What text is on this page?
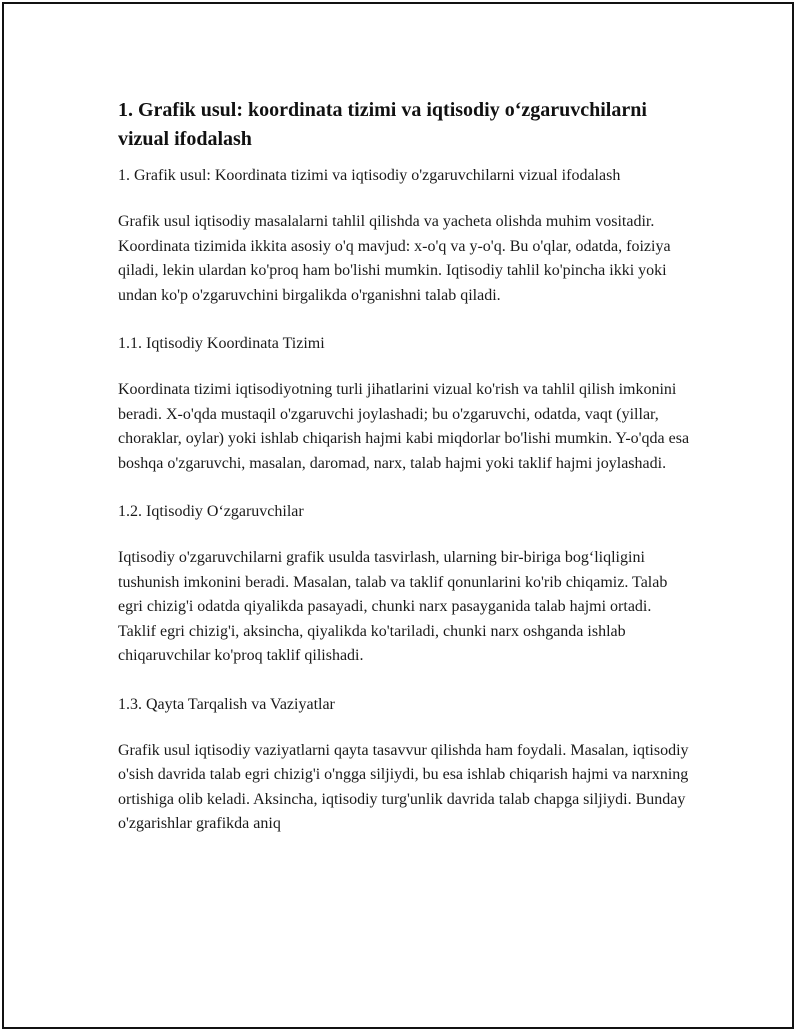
1. Grafik usul: koordinata tizimi va iqtisodiy o‘zgaruvchilarni vizual ifodalash

1. Grafik usul: Koordinata tizimi va iqtisodiy o'zgaruvchilarni vizual ifodalash

Grafik usul iqtisodiy masalalarni tahlil qilishda va yacheta olishda muhim vositadir. Koordinata tizimida ikkita asosiy o'q mavjud: x-o'q va y-o'q. Bu o'qlar, odatda, foiziya qiladi, lekin ulardan ko'proq ham bo'lishi mumkin. Iqtisodiy tahlil ko'pincha ikki yoki undan ko'p o'zgaruvchini birgalikda o'rganishni talab qiladi.

1.1. Iqtisodiy Koordinata Tizimi

Koordinata tizimi iqtisodiyotning turli jihatlarini vizual ko'rish va tahlil qilish imkonini beradi. X-o'qda mustaqil o'zgaruvchi joylashadi; bu o'zgaruvchi, odatda, vaqt (yillar, choraklar, oylar) yoki ishlab chiqarish hajmi kabi miqdorlar bo'lishi mumkin. Y-o'qda esa boshqa o'zgaruvchi, masalan, daromad, narx, talab hajmi yoki taklif hajmi joylashadi.

1.2. Iqtisodiy O‘zgaruvchilar

Iqtisodiy o'zgaruvchilarni grafik usulda tasvirlash, ularning bir-biriga bog‘liqligini tushunish imkonini beradi. Masalan, talab va taklif qonunlarini ko'rib chiqamiz. Talab egri chizig'i odatda qiyalikda pasayadi, chunki narx pasayganida talab hajmi ortadi. Taklif egri chizig'i, aksincha, qiyalikda ko'tariladi, chunki narx oshganda ishlab chiqaruvchilar ko'proq taklif qilishadi.

1.3. Qayta Tarqalish va Vaziyatlar

Grafik usul iqtisodiy vaziyatlarni qayta tasavvur qilishda ham foydali. Masalan, iqtisodiy o'sish davrida talab egri chizig'i o'ngga siljiydi, bu esa ishlab chiqarish hajmi va narxning ortishiga olib keladi. Aksincha, iqtisodiy turg'unlik davrida talab chapga siljiydi. Bunday o'zgarishlar grafikda aniq
